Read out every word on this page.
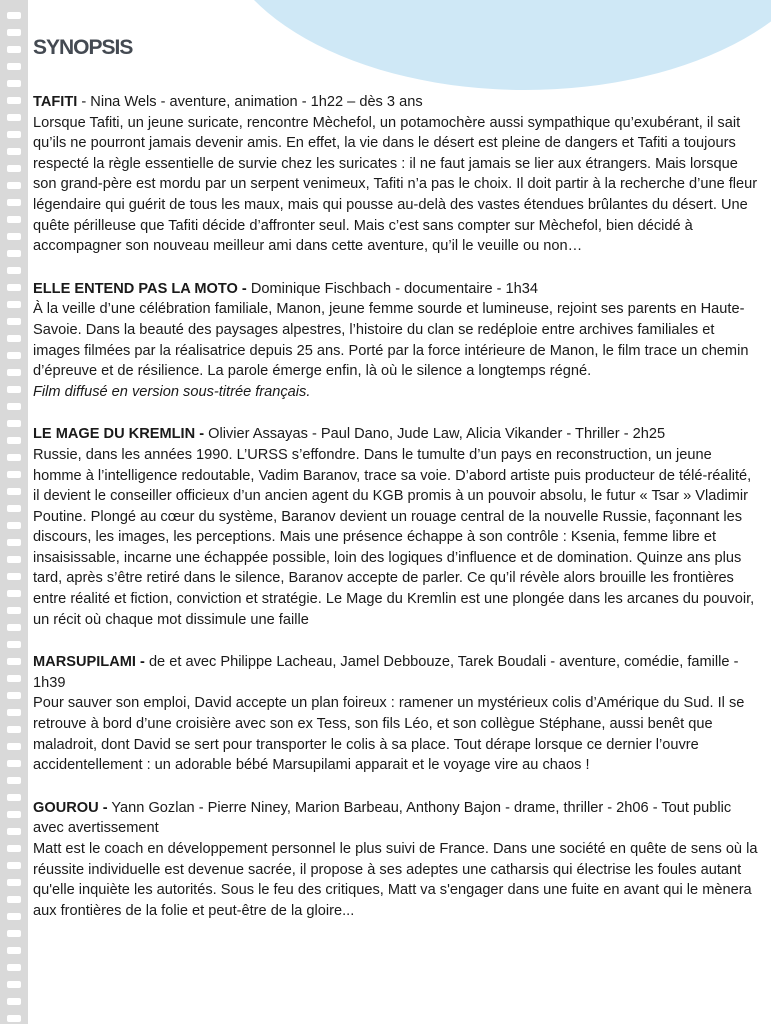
SYNOPSIS

TAFITI - Nina Wels - aventure, animation - 1h22 – dès 3 ans

Lorsque Tafiti, un jeune suricate, rencontre Mèchefol, un potamochère aussi sympathique qu’exubérant, il sait qu’ils ne pourront jamais devenir amis. En effet, la vie dans le désert est pleine de dangers et Tafiti a toujours respecté la règle essentielle de survie chez les suricates : il ne faut jamais se lier aux étrangers. Mais lorsque son grand-père est mordu par un serpent venimeux, Tafiti n’a pas le choix. Il doit partir à la recherche d’une fleur légendaire qui guérit de tous les maux, mais qui pousse au-delà des vastes étendues brûlantes du désert. Une quête périlleuse que Tafiti décide d’affronter seul. Mais c’est sans compter sur Mèchefol, bien décidé à accompagner son nouveau meilleur ami dans cette aventure, qu’il le veuille ou non…

ELLE ENTEND PAS LA MOTO - Dominique Fischbach - documentaire - 1h34

À la veille d’une célébration familiale, Manon, jeune femme sourde et lumineuse, rejoint ses parents en Haute-Savoie. Dans la beauté des paysages alpestres, l’histoire du clan se redéploie entre archives familiales et images filmées par la réalisatrice depuis 25 ans. Porté par la force intérieure de Manon, le film trace un chemin d’épreuve et de résilience. La parole émerge enfin, là où le silence a longtemps régné.

Film diffusé en version sous-titrée français.

LE MAGE DU KREMLIN - Olivier Assayas - Paul Dano, Jude Law, Alicia Vikander - Thriller - 2h25

Russie, dans les années 1990. L’URSS s’effondre. Dans le tumulte d’un pays en reconstruction, un jeune homme à l’intelligence redoutable, Vadim Baranov, trace sa voie. D’abord artiste puis producteur de télé-réalité, il devient le conseiller officieux d’un ancien agent du KGB promis à un pouvoir absolu, le futur « Tsar » Vladimir Poutine. Plongé au cœur du système, Baranov devient un rouage central de la nouvelle Russie, façonnant les discours, les images, les perceptions. Mais une présence échappe à son contrôle : Ksenia, femme libre et insaisissable, incarne une échappée possible, loin des logiques d’influence et de domination. Quinze ans plus tard, après s’être retiré dans le silence, Baranov accepte de parler. Ce qu’il révèle alors brouille les frontières entre réalité et fiction, conviction et stratégie. Le Mage du Kremlin est une plongée dans les arcanes du pouvoir, un récit où chaque mot dissimule une faille

MARSUPILAMI - de et avec Philippe Lacheau, Jamel Debbouze, Tarek Boudali - aventure, comédie, famille - 1h39

Pour sauver son emploi, David accepte un plan foireux : ramener un mystérieux colis d’Amérique du Sud. Il se retrouve à bord d’une croisière avec son ex Tess, son fils Léo, et son collègue Stéphane, aussi benêt que maladroit, dont David se sert pour transporter le colis à sa place. Tout dérape lorsque ce dernier l’ouvre accidentellement : un adorable bébé Marsupilami apparait et le voyage vire au chaos !

GOUROU - Yann Gozlan - Pierre Niney, Marion Barbeau, Anthony Bajon - drame, thriller - 2h06 - Tout public avec avertissement

Matt est le coach en développement personnel le plus suivi de France. Dans une société en quête de sens où la réussite individuelle est devenue sacrée, il propose à ses adeptes une catharsis qui électrise les foules autant qu'elle inquiète les autorités. Sous le feu des critiques, Matt va s'engager dans une fuite en avant qui le mènera aux frontières de la folie et peut-être de la gloire...
